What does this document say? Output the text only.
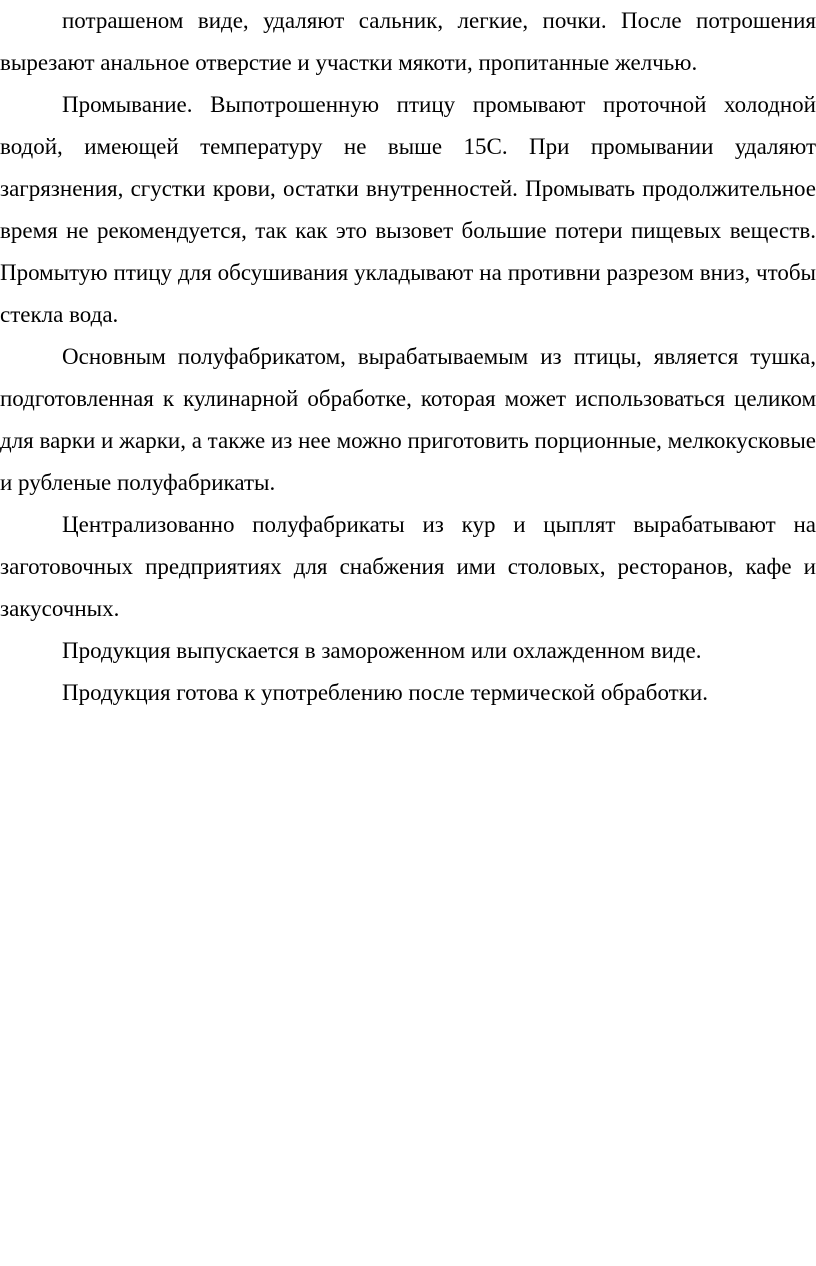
потрашеном виде, удаляют сальник, легкие, почки. После потрошения вырезают анальное отверстие и участки мякоти, пропитанные желчью.

Промывание. Выпотрошенную птицу промывают проточной холодной водой, имеющей температуру не выше 15С. При промывании удаляют загрязнения, сгустки крови, остатки внутренностей. Промывать продолжительное время не рекомендуется, так как это вызовет большие потери пищевых веществ. Промытую птицу для обсушивания укладывают на противни разрезом вниз, чтобы стекла вода.

Основным полуфабрикатом, вырабатываемым из птицы, является тушка, подготовленная к кулинарной обработке, которая может использоваться целиком для варки и жарки, а также из нее можно приготовить порционные, мелкокусковые и рубленые полуфабрикаты.

Централизованно полуфабрикаты из кур и цыплят вырабатывают на заготовочных предприятиях для снабжения ими столовых, ресторанов, кафе и закусочных.

Продукция выпускается в замороженном или охлажденном виде.

Продукция готова к употреблению после термической обработки.
